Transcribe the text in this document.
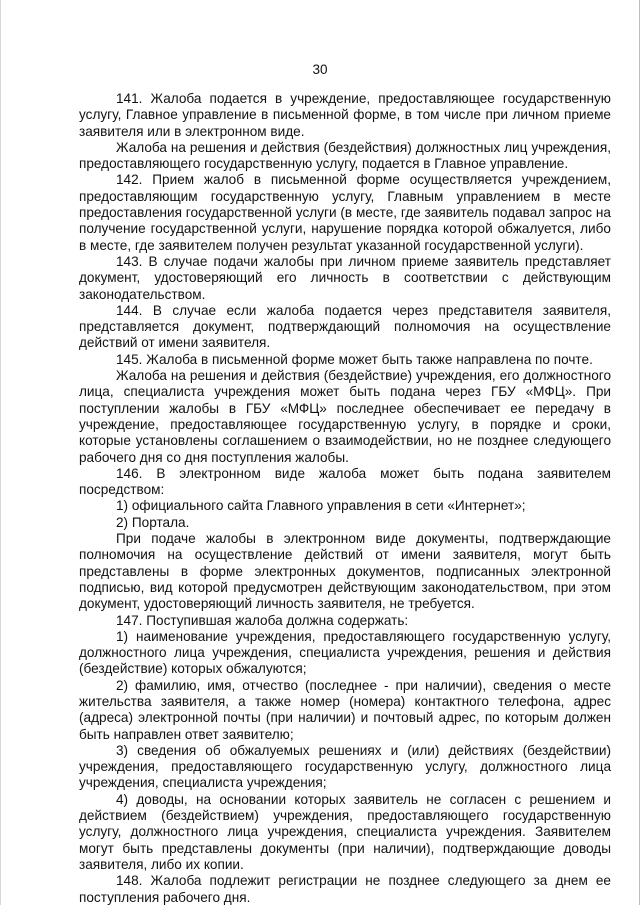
30

141. Жалоба подается в учреждение, предоставляющее государственную услугу, Главное управление в письменной форме, в том числе при личном приеме заявителя или в электронном виде.

Жалоба на решения и действия (бездействия) должностных лиц учреждения, предоставляющего государственную услугу, подается в Главное управление.

142. Прием жалоб в письменной форме осуществляется учреждением, предоставляющим государственную услугу, Главным управлением в месте предоставления государственной услуги (в месте, где заявитель подавал запрос на получение государственной услуги, нарушение порядка которой обжалуется, либо в месте, где заявителем получен результат указанной государственной услуги).

143. В случае подачи жалобы при личном приеме заявитель представляет документ, удостоверяющий его личность в соответствии с действующим законодательством.

144. В случае если жалоба подается через представителя заявителя, представляется документ, подтверждающий полномочия на осуществление действий от имени заявителя.

145. Жалоба в письменной форме может быть также направлена по почте.

Жалоба на решения и действия (бездействие) учреждения, его должностного лица, специалиста учреждения может быть подана через ГБУ «МФЦ». При поступлении жалобы в ГБУ «МФЦ» последнее обеспечивает ее передачу в учреждение, предоставляющее государственную услугу, в порядке и сроки, которые установлены соглашением о взаимодействии, но не позднее следующего рабочего дня со дня поступления жалобы.

146. В электронном виде жалоба может быть подана заявителем посредством:

1) официального сайта Главного управления в сети «Интернет»;

2) Портала.

При подаче жалобы в электронном виде документы, подтверждающие полномочия на осуществление действий от имени заявителя, могут быть представлены в форме электронных документов, подписанных электронной подписью, вид которой предусмотрен действующим законодательством, при этом документ, удостоверяющий личность заявителя, не требуется.

147. Поступившая жалоба должна содержать:

1) наименование учреждения, предоставляющего государственную услугу, должностного лица учреждения, специалиста учреждения, решения и действия (бездействие) которых обжалуются;

2) фамилию, имя, отчество (последнее - при наличии), сведения о месте жительства заявителя, а также номер (номера) контактного телефона, адрес (адреса) электронной почты (при наличии) и почтовый адрес, по которым должен быть направлен ответ заявителю;

3) сведения об обжалуемых решениях и (или) действиях (бездействии) учреждения, предоставляющего государственную услугу, должностного лица учреждения, специалиста учреждения;

4) доводы, на основании которых заявитель не согласен с решением и действием (бездействием) учреждения, предоставляющего государственную услугу, должностного лица учреждения, специалиста учреждения. Заявителем могут быть представлены документы (при наличии), подтверждающие доводы заявителя, либо их копии.

148. Жалоба подлежит регистрации не позднее следующего за днем ее поступления рабочего дня.
